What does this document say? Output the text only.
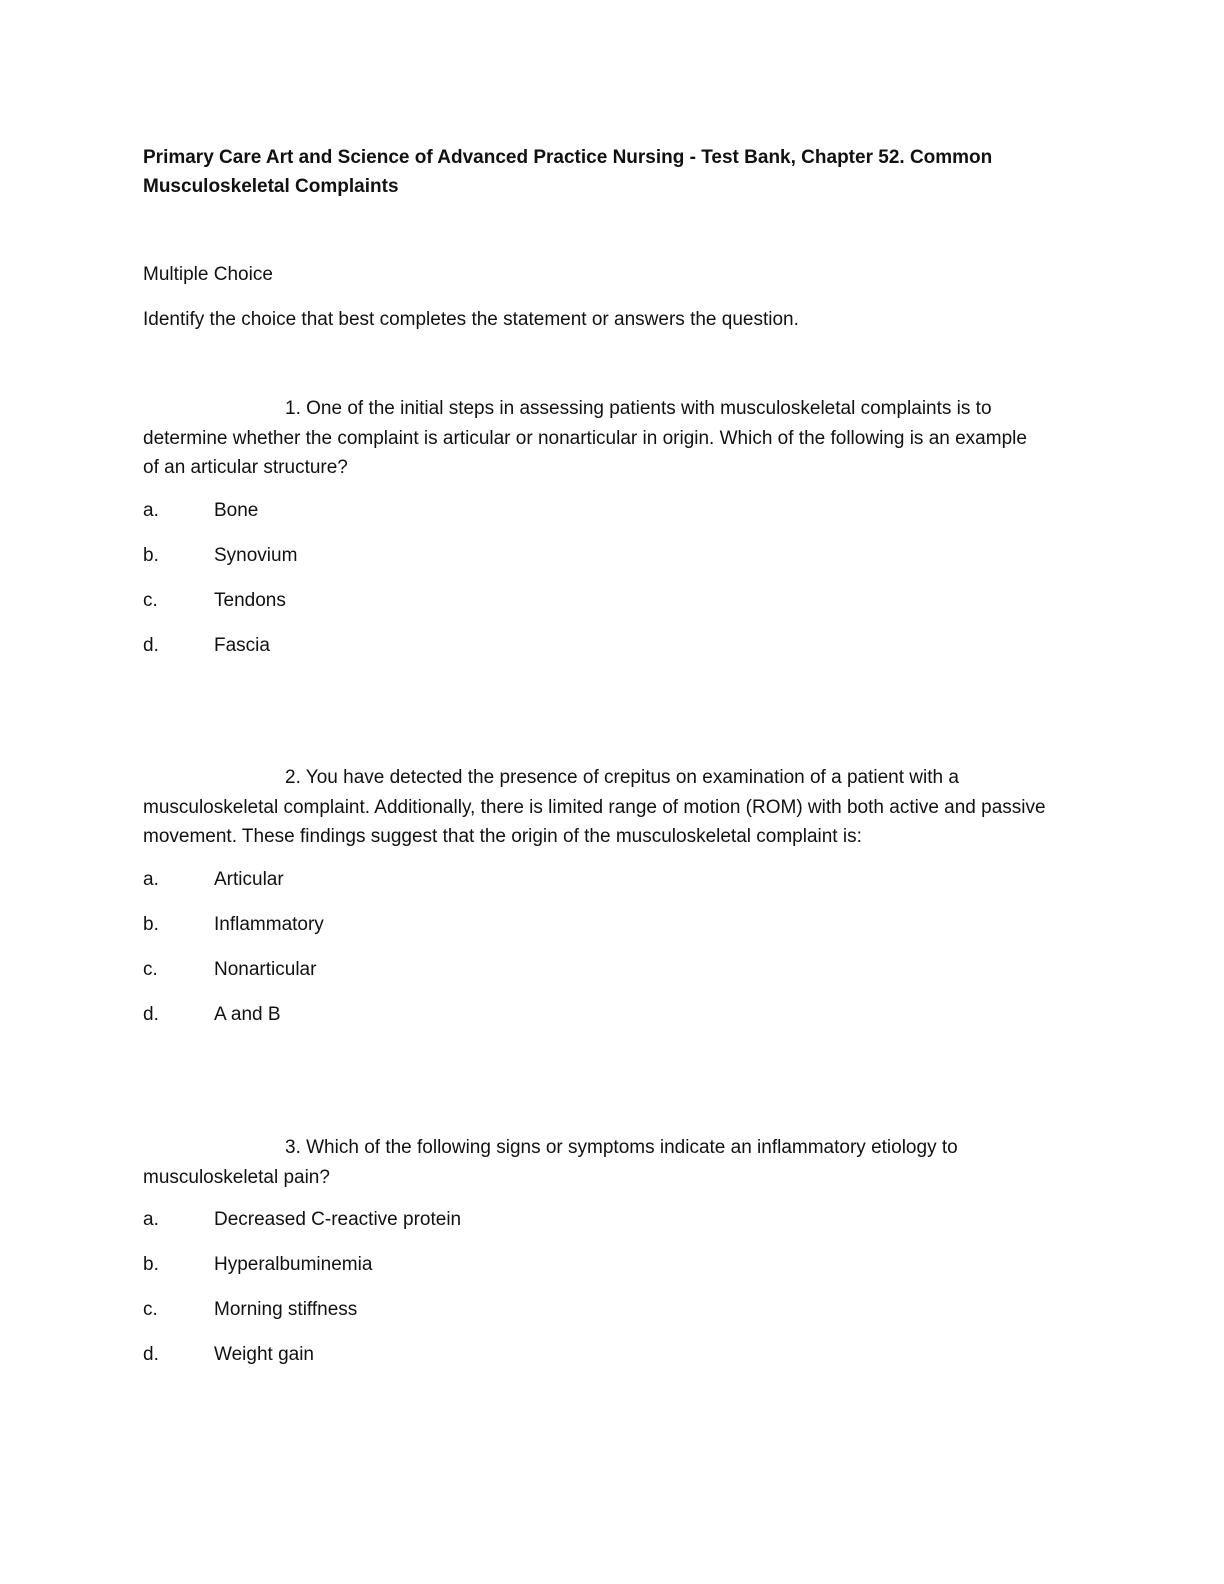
Primary Care Art and Science of Advanced Practice Nursing - Test Bank, Chapter 52. Common Musculoskeletal Complaints
Multiple Choice
Identify the choice that best completes the statement or answers the question.

1. One of the initial steps in assessing patients with musculoskeletal complaints is to determine whether the complaint is articular or nonarticular in origin. Which of the following is an example of an articular structure?

a.	Bone
b.	Synovium
c.	Tendons
d.	Fascia

2. You have detected the presence of crepitus on examination of a patient with a musculoskeletal complaint. Additionally, there is limited range of motion (ROM) with both active and passive movement. These findings suggest that the origin of the musculoskeletal complaint is:

a.	Articular
b.	Inflammatory
c.	Nonarticular
d.	A and B

3. Which of the following signs or symptoms indicate an inflammatory etiology to musculoskeletal pain?

a.	Decreased C-reactive protein
b.	Hyperalbuminemia
c.	Morning stiffness
d.	Weight gain
